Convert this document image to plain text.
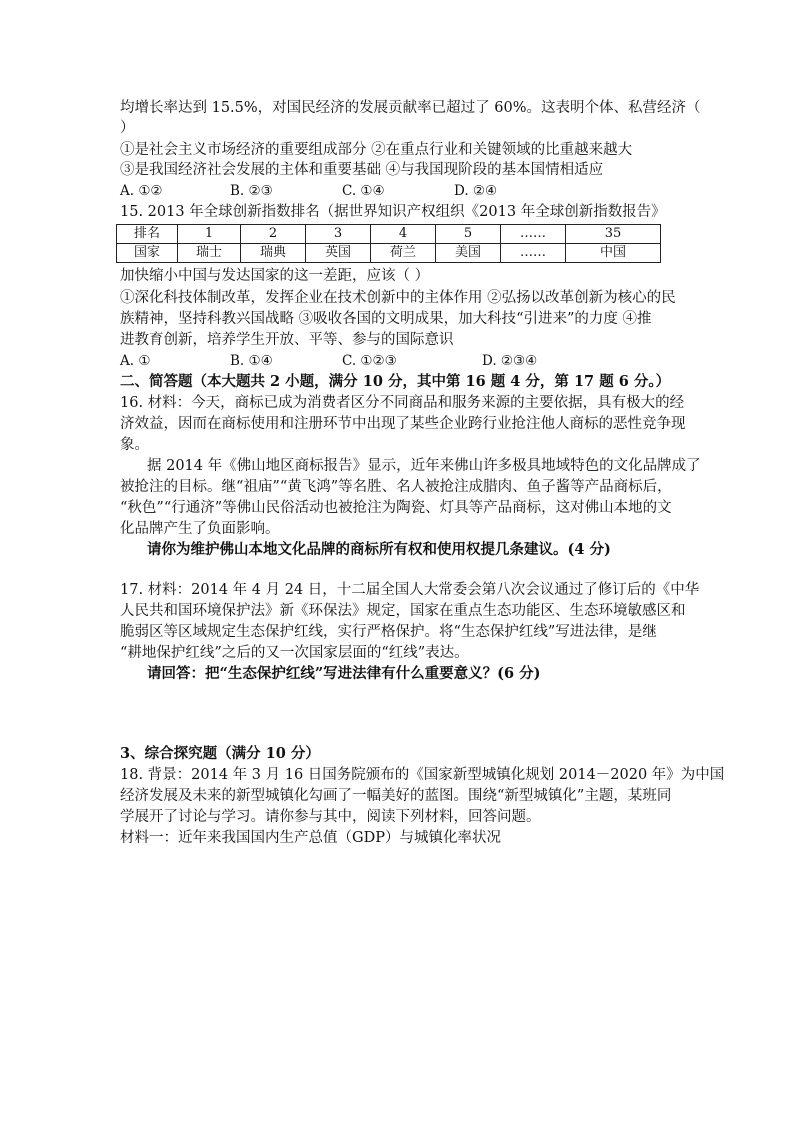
均增长率达到 15.5%，对国民经济的发展贡献率已超过了 60%。这表明个体、私营经济（
）
①是社会主义市场经济的重要组成部分 ②在重点行业和关键领域的比重越来越大
③是我国经济社会发展的主体和重要基础 ④与我国现阶段的基本国情相适应
A. ①②	B. ②③	C. ①④	D. ②④
15. 2013 年全球创新指数排名（据世界知识产权组织《2013 年全球创新指数报告》
排名	1	2	3	4	5	……	35
国家	瑞士	瑞典	英国	荷兰	美国	……	中国
加快缩小中国与发达国家的这一差距，应该（ ）
①深化科技体制改革，发挥企业在技术创新中的主体作用 ②弘扬以改革创新为核心的民
族精神，坚持科教兴国战略 ③吸收各国的文明成果，加大科技“引进来”的力度 ④推
进教育创新，培养学生开放、平等、参与的国际意识
A. ①	B. ①④	C. ①②③	D. ②③④
二、简答题（本大题共 2 小题，满分 10 分，其中第 16 题 4 分，第 17 题 6 分。）
16. 材料：今天，商标已成为消费者区分不同商品和服务来源的主要依据，具有极大的经
济效益，因而在商标使用和注册环节中出现了某些企业跨行业抢注他人商标的恶性竞争现
象。
据 2014 年《佛山地区商标报告》显示，近年来佛山许多极具地域特色的文化品牌成了
被抢注的目标。继“祖庙”“黄飞鸿”等名胜、名人被抢注成腊肉、鱼子酱等产品商标后，
“秋色”“行通济”等佛山民俗活动也被抢注为陶瓷、灯具等产品商标，这对佛山本地的文
化品牌产生了负面影响。
请你为维护佛山本地文化品牌的商标所有权和使用权提几条建议。(4 分)
17. 材料：2014 年 4 月 24 日，十二届全国人大常委会第八次会议通过了修订后的《中华
人民共和国环境保护法》新《环保法》规定，国家在重点生态功能区、生态环境敏感区和
脆弱区等区域规定生态保护红线，实行严格保护。将“生态保护红线”写进法律，是继
“耕地保护红线”之后的又一次国家层面的“红线”表达。
请回答：把“生态保护红线”写进法律有什么重要意义？(6 分)
3、综合探究题（满分 10 分）
18. 背景：2014 年 3 月 16 日国务院颁布的《国家新型城镇化规划 2014－2020 年》为中国
经济发展及未来的新型城镇化勾画了一幅美好的蓝图。围绕“新型城镇化”主题，某班同
学展开了讨论与学习。请你参与其中，阅读下列材料，回答问题。
材料一：近年来我国国内生产总值（GDP）与城镇化率状况
